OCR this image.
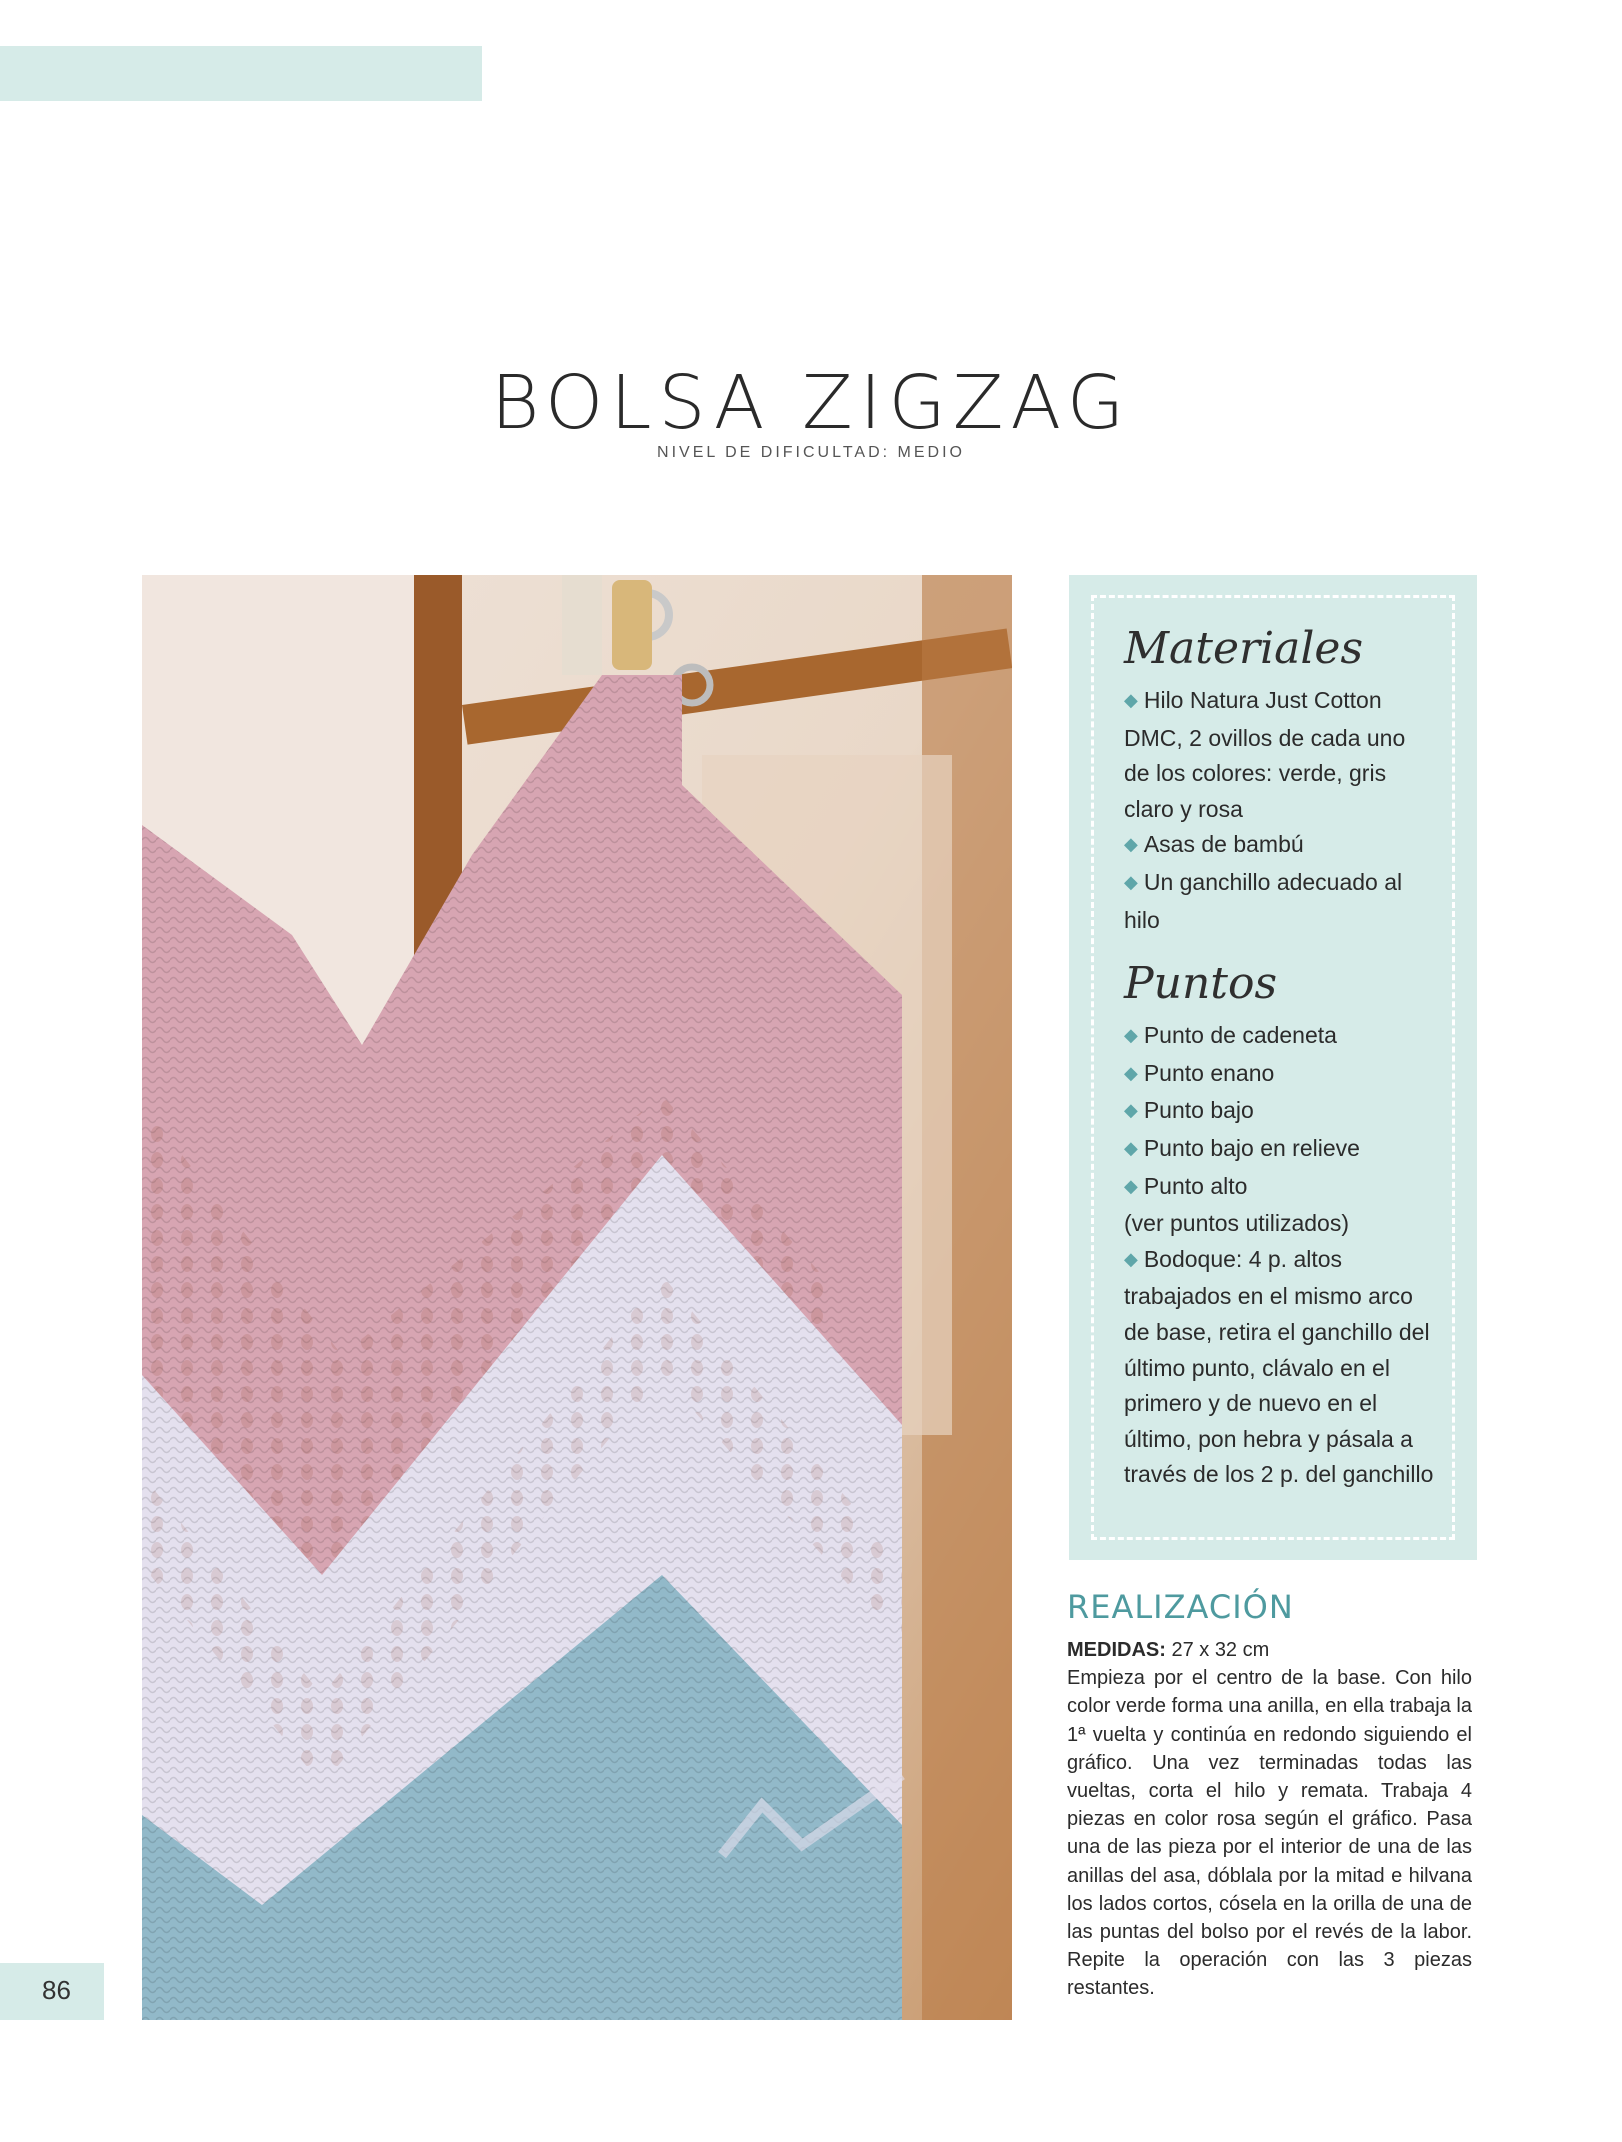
BOLSA ZIGZAG
NIVEL DE DIFICULTAD: MEDIO
Materiales
◆ Hilo Natura Just Cotton DMC, 2 ovillos de cada uno de los colores: verde, gris claro y rosa
◆ Asas de bambú
◆ Un ganchillo adecuado al hilo
Puntos
◆ Punto de cadeneta
◆ Punto enano
◆ Punto bajo
◆ Punto bajo en relieve
◆ Punto alto
(ver puntos utilizados)
◆ Bodoque: 4 p. altos trabajados en el mismo arco de base, retira el ganchillo del último punto, clávalo en el primero y de nuevo en el último, pon hebra y pásala a través de los 2 p. del ganchillo
REALIZACIÓN
MEDIDAS: 27 x 32 cm
Empieza por el centro de la base. Con hilo color verde forma una anilla, en ella trabaja la 1ª vuelta y continúa en redondo siguiendo el gráfico. Una vez terminadas todas las vueltas, corta el hilo y remata. Trabaja 4 piezas en color rosa según el gráfico. Pasa una de las pieza por el interior de una de las anillas del asa, dóblala por la mitad e hilvana los lados cortos, cósela en la orilla de una de las puntas del bolso por el revés de la labor. Repite la operación con las 3 piezas restantes.
86
